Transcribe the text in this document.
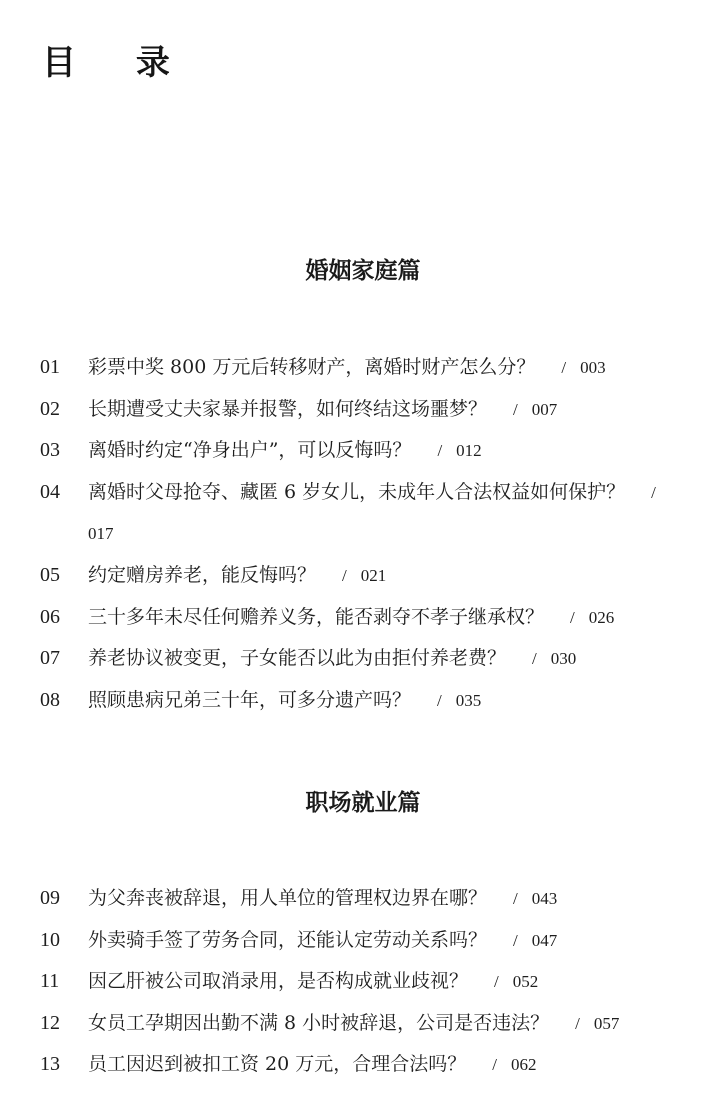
目 录
婚姻家庭篇
01 彩票中奖 800 万元后转移财产，离婚时财产怎么分？ / 003
02 长期遭受丈夫家暴并报警，如何终结这场噩梦？ / 007
03 离婚时约定“净身出户”，可以反悔吗？ / 012
04 离婚时父母抢夺、藏匿 6 岁女儿，未成年人合法权益如何保护？ /017
05 约定赠房养老，能反悔吗？ / 021
06 三十多年未尽任何赡养义务，能否剥夺不孝子继承权？ / 026
07 养老协议被变更，子女能否以此为由拒付养老费？ / 030
08 照顾患病兄弟三十年，可多分遗产吗？ / 035
职场就业篇
09 为父奔丧被辞退，用人单位的管理权边界在哪？ / 043
10 外卖骑手签了劳务合同，还能认定劳动关系吗？ / 047
11 因乙肝被公司取消录用，是否构成就业歧视？ / 052
12 女员工孕期因出勤不满 8 小时被辞退，公司是否违法？ / 057
13 员工因迟到被扣工资 20 万元，合理合法吗？ / 062
